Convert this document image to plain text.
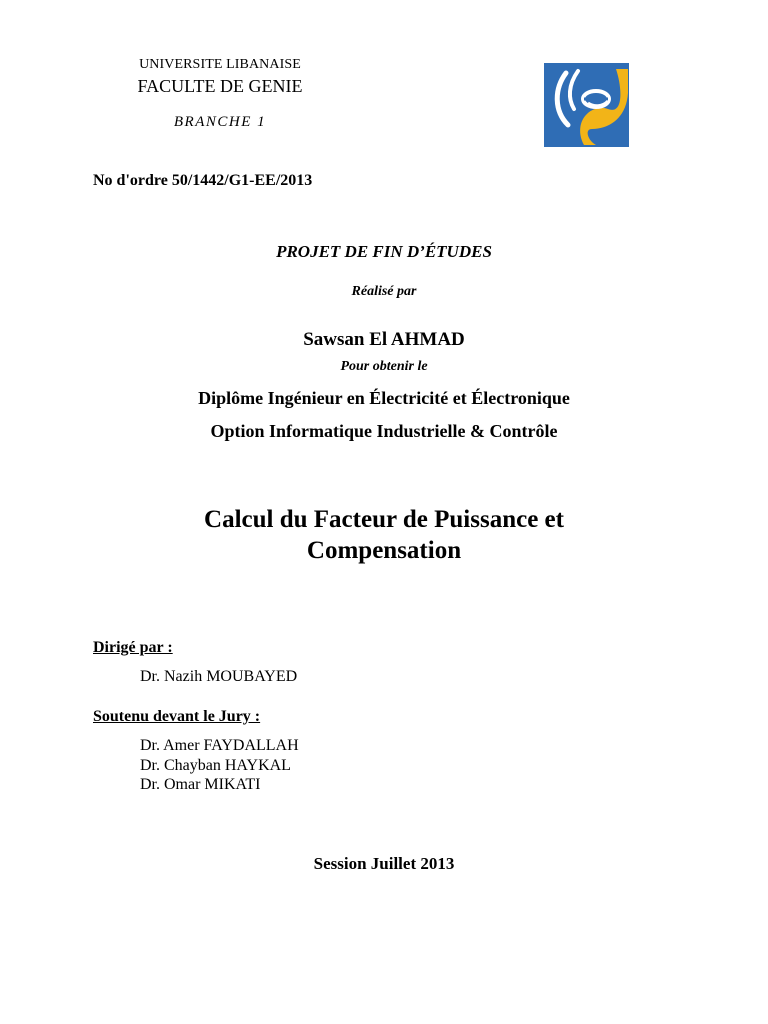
UNIVERSITE LIBANAISE
FACULTE DE GENIE
BRANCHE 1
No d'ordre 50/1442/G1-EE/2013
PROJET DE FIN D’ÉTUDES
Réalisé par
Sawsan El AHMAD
Pour obtenir le
Diplôme Ingénieur en Électricité et Électronique
Option Informatique Industrielle & Contrôle
Calcul du Facteur de Puissance et
Compensation
Dirigé par :
Dr. Nazih MOUBAYED
Soutenu devant le Jury :
Dr. Amer FAYDALLAH
Dr. Chayban HAYKAL
Dr. Omar MIKATI
Session Juillet 2013
